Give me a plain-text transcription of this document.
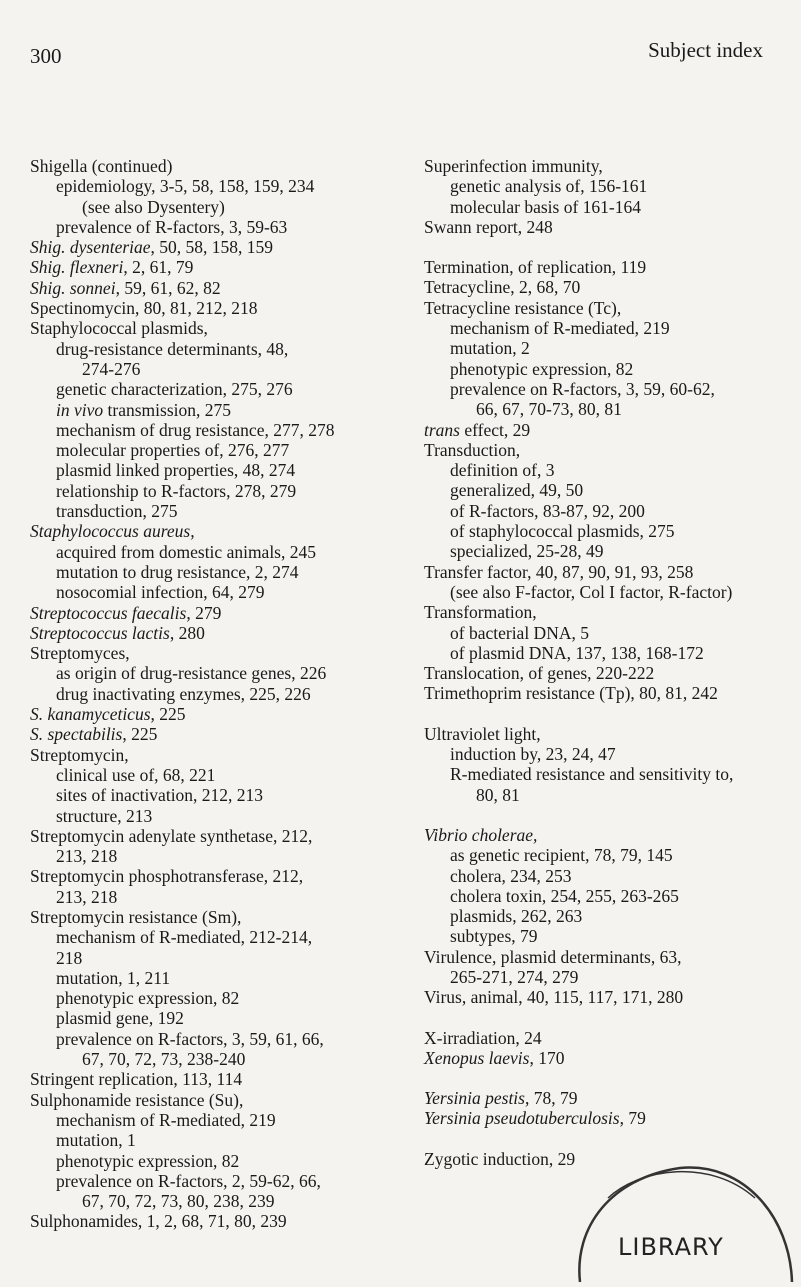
300	Subject index
Shigella (continued)
epidemiology, 3-5, 58, 158, 159, 234
(see also Dysentery)
prevalence of R-factors, 3, 59-63
Shig. dysenteriae, 50, 58, 158, 159
Shig. flexneri, 2, 61, 79
Shig. sonnei, 59, 61, 62, 82
Spectinomycin, 80, 81, 212, 218
Staphylococcal plasmids,
drug-resistance determinants, 48,
274-276
genetic characterization, 275, 276
in vivo transmission, 275
mechanism of drug resistance, 277, 278
molecular properties of, 276, 277
plasmid linked properties, 48, 274
relationship to R-factors, 278, 279
transduction, 275
Staphylococcus aureus,
acquired from domestic animals, 245
mutation to drug resistance, 2, 274
nosocomial infection, 64, 279
Streptococcus faecalis, 279
Streptococcus lactis, 280
Streptomyces,
as origin of drug-resistance genes, 226
drug inactivating enzymes, 225, 226
S. kanamyceticus, 225
S. spectabilis, 225
Streptomycin,
clinical use of, 68, 221
sites of inactivation, 212, 213
structure, 213
Streptomycin adenylate synthetase, 212,
213, 218
Streptomycin phosphotransferase, 212,
213, 218
Streptomycin resistance (Sm),
mechanism of R-mediated, 212-214,
218
mutation, 1, 211
phenotypic expression, 82
plasmid gene, 192
prevalence on R-factors, 3, 59, 61, 66,
67, 70, 72, 73, 238-240
Stringent replication, 113, 114
Sulphonamide resistance (Su),
mechanism of R-mediated, 219
mutation, 1
phenotypic expression, 82
prevalence on R-factors, 2, 59-62, 66,
67, 70, 72, 73, 80, 238, 239
Sulphonamides, 1, 2, 68, 71, 80, 239
Superinfection immunity,
genetic analysis of, 156-161
molecular basis of 161-164
Swann report, 248
Termination, of replication, 119
Tetracycline, 2, 68, 70
Tetracycline resistance (Tc),
mechanism of R-mediated, 219
mutation, 2
phenotypic expression, 82
prevalence on R-factors, 3, 59, 60-62,
66, 67, 70-73, 80, 81
trans effect, 29
Transduction,
definition of, 3
generalized, 49, 50
of R-factors, 83-87, 92, 200
of staphylococcal plasmids, 275
specialized, 25-28, 49
Transfer factor, 40, 87, 90, 91, 93, 258
(see also F-factor, Col I factor, R-factor)
Transformation,
of bacterial DNA, 5
of plasmid DNA, 137, 138, 168-172
Translocation, of genes, 220-222
Trimethoprim resistance (Tp), 80, 81, 242
Ultraviolet light,
induction by, 23, 24, 47
R-mediated resistance and sensitivity to,
80, 81
Vibrio cholerae,
as genetic recipient, 78, 79, 145
cholera, 234, 253
cholera toxin, 254, 255, 263-265
plasmids, 262, 263
subtypes, 79
Virulence, plasmid determinants, 63,
265-271, 274, 279
Virus, animal, 40, 115, 117, 171, 280
X-irradiation, 24
Xenopus laevis, 170
Yersinia pestis, 78, 79
Yersinia pseudotuberculosis, 79
Zygotic induction, 29
LIBRARY
